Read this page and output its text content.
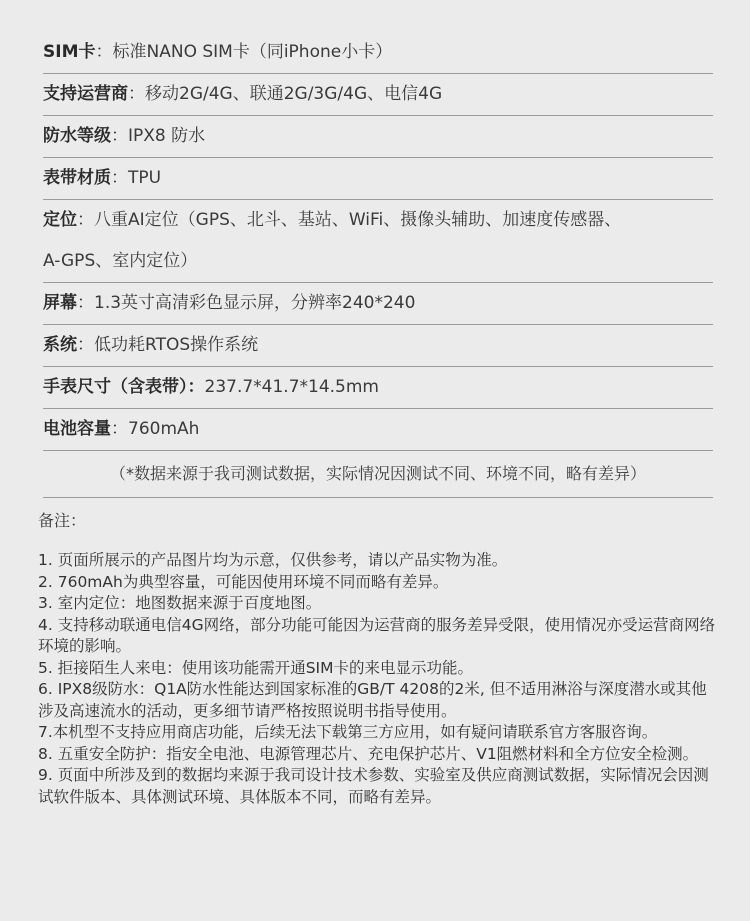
SIM卡：标准NANO SIM卡（同iPhone小卡）
支持运营商：移动2G/4G、联通2G/3G/4G、电信4G
防水等级：IPX8 防水
表带材质：TPU
定位：八重AI定位（GPS、北斗、基站、WiFi、摄像头辅助、加速度传感器、
A-GPS、室内定位）
屏幕：1.3英寸高清彩色显示屏，分辨率240*240
系统：低功耗RTOS操作系统
手表尺寸（含表带）：237.7*41.7*14.5mm
电池容量：760mAh
（*数据来源于我司测试数据，实际情况因测试不同、环境不同，略有差异）
备注：
1. 页面所展示的产品图片均为示意，仅供参考，请以产品实物为准。
2. 760mAh为典型容量，可能因使用环境不同而略有差异。
3. 室内定位：地图数据来源于百度地图。
4. 支持移动联通电信4G网络，部分功能可能因为运营商的服务差异受限，使用情况亦受运营商网络环境的影响。
5. 拒接陌生人来电：使用该功能需开通SIM卡的来电显示功能。
6. IPX8级防水：Q1A防水性能达到国家标准的GB/T 4208的2米, 但不适用淋浴与深度潜水或其他涉及高速流水的活动，更多细节请严格按照说明书指导使用。
7.本机型不支持应用商店功能，后续无法下载第三方应用，如有疑问请联系官方客服咨询。
8. 五重安全防护：指安全电池、电源管理芯片、充电保护芯片、V1阻燃材料和全方位安全检测。
9. 页面中所涉及到的数据均来源于我司设计技术参数、实验室及供应商测试数据，实际情况会因测试软件版本、具体测试环境、具体版本不同，而略有差异。
